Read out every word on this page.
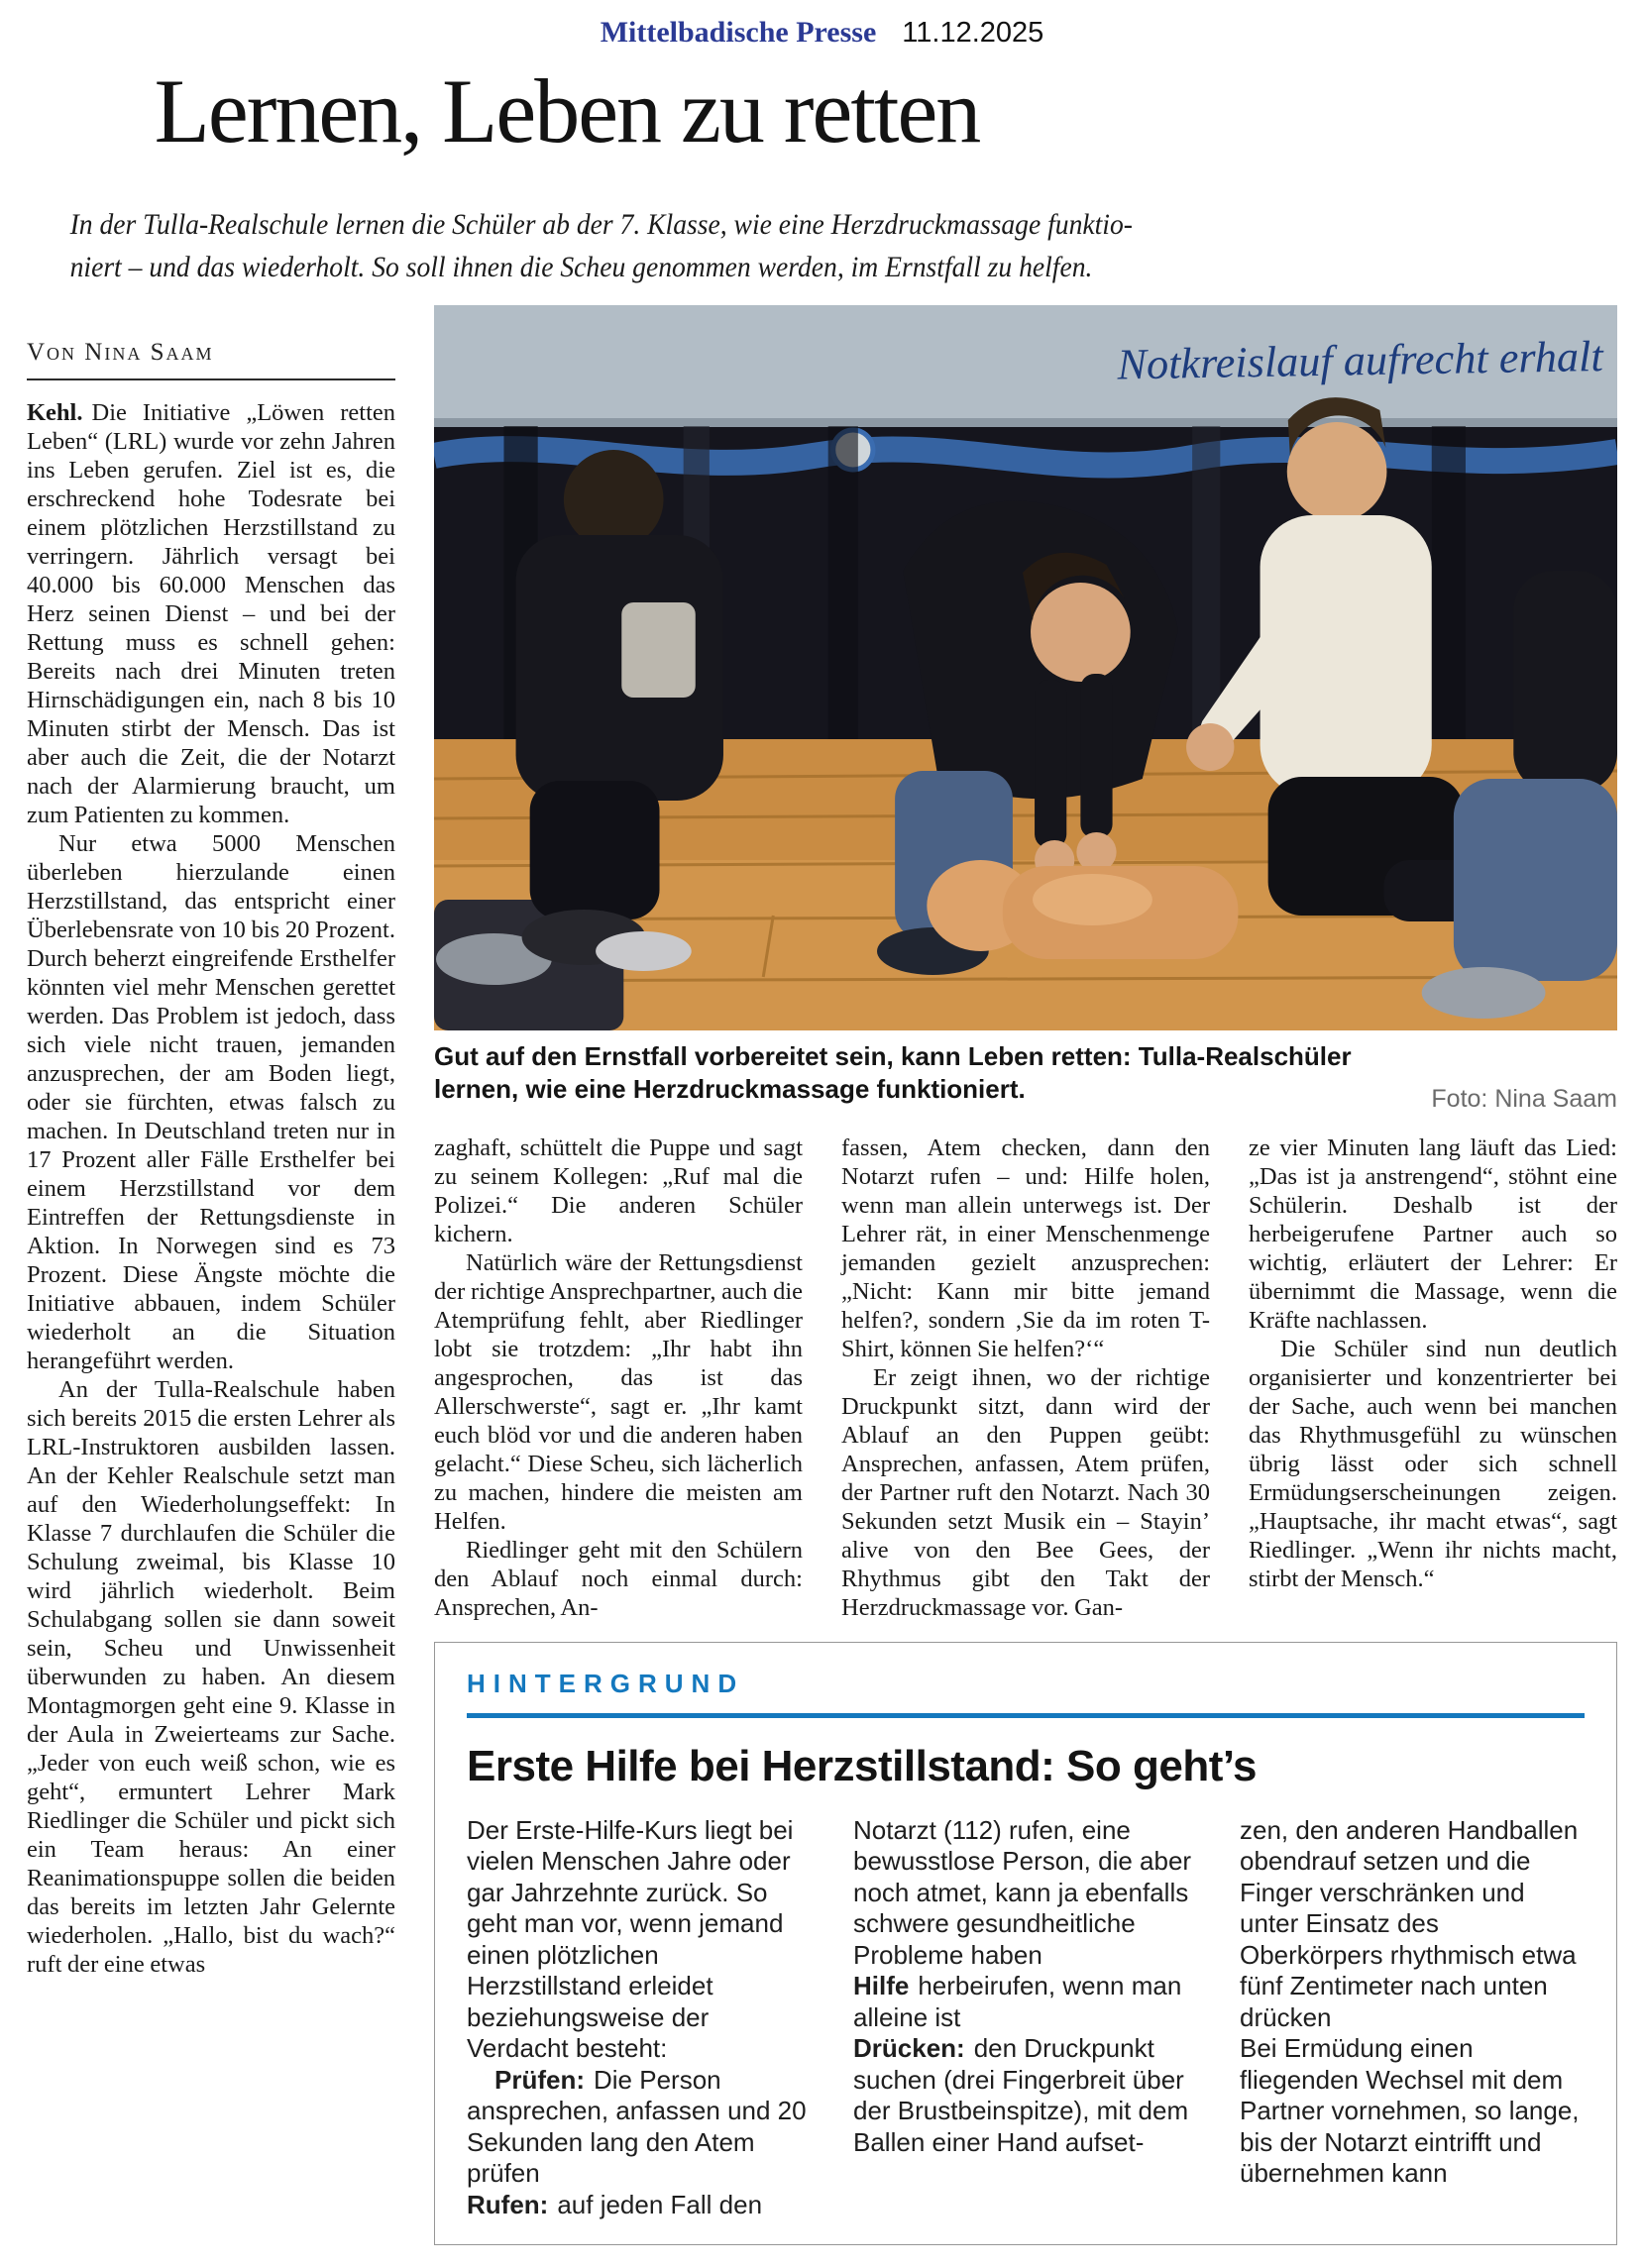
Mittelbadische Presse 11.12.2025
Lernen, Leben zu retten
In der Tulla-Realschule lernen die Schüler ab der 7. Klasse, wie eine Herzdruckmassage funktio-
niert – und das wiederholt. So soll ihnen die Scheu genommen werden, im Ernstfall zu helfen.
Von Nina Saam

Kehl. Die Initiative „Löwen retten Leben“ (LRL) wurde vor zehn Jahren ins Leben gerufen. Ziel ist es, die erschreckend hohe Todesrate bei einem plötzlichen Herzstillstand zu verringern. Jährlich versagt bei 40.000 bis 60.000 Menschen das Herz seinen Dienst – und bei der Rettung muss es schnell gehen: Bereits nach drei Minuten treten Hirnschädigungen ein, nach 8 bis 10 Minuten stirbt der Mensch. Das ist aber auch die Zeit, die der Notarzt nach der Alarmierung braucht, um zum Patienten zu kommen.

Nur etwa 5000 Menschen überleben hierzulande einen Herzstillstand, das entspricht einer Überlebensrate von 10 bis 20 Prozent. Durch beherzt eingreifende Ersthelfer könnten viel mehr Menschen gerettet werden. Das Problem ist jedoch, dass sich viele nicht trauen, jemanden anzusprechen, der am Boden liegt, oder sie fürchten, etwas falsch zu machen. In Deutschland treten nur in 17 Prozent aller Fälle Ersthelfer bei einem Herzstillstand vor dem Eintreffen der Rettungsdienste in Aktion. In Norwegen sind es 73 Prozent. Diese Ängste möchte die Initiative abbauen, indem Schüler wiederholt an die Situation herangeführt werden.

An der Tulla-Realschule haben sich bereits 2015 die ersten Lehrer als LRL-Instruktoren ausbilden lassen. An der Kehler Realschule setzt man auf den Wiederholungseffekt: In Klasse 7 durchlaufen die Schüler die Schulung zweimal, bis Klasse 10 wird jährlich wiederholt. Beim Schulabgang sollen sie dann soweit sein, Scheu und Unwissenheit überwunden zu haben. An diesem Montagmorgen geht eine 9. Klasse in der Aula in Zweierteams zur Sache. „Jeder von euch weiß schon, wie es geht“, ermuntert Lehrer Mark Riedlinger die Schüler und pickt sich ein Team heraus: An einer Reanimationspuppe sollen die beiden das bereits im letzten Jahr Gelernte wiederholen. „Hallo, bist du wach?“ ruft der eine etwas

Notkreislauf aufrecht erhalt

Gut auf den Ernstfall vorbereitet sein, kann Leben retten: Tulla-Realschüler lernen, wie eine Herzdruckmassage funktioniert.	Foto: Nina Saam

zaghaft, schüttelt die Puppe und sagt zu seinem Kollegen: „Ruf mal die Polizei.“ Die anderen Schüler kichern.

Natürlich wäre der Rettungsdienst der richtige Ansprechpartner, auch die Atemprüfung fehlt, aber Riedlinger lobt sie trotzdem: „Ihr habt ihn angesprochen, das ist das Allerschwerste“, sagt er. „Ihr kamt euch blöd vor und die anderen haben gelacht.“ Diese Scheu, sich lächerlich zu machen, hindere die meisten am Helfen.

Riedlinger geht mit den Schülern den Ablauf noch einmal durch: Ansprechen, An-

fassen, Atem checken, dann den Notarzt rufen – und: Hilfe holen, wenn man allein unterwegs ist. Der Lehrer rät, in einer Menschenmenge jemanden gezielt anzusprechen: „Nicht: Kann mir bitte jemand helfen?, sondern ‚Sie da im roten T-Shirt, können Sie helfen?‘“

Er zeigt ihnen, wo der richtige Druckpunkt sitzt, dann wird der Ablauf an den Puppen geübt: Ansprechen, anfassen, Atem prüfen, der Partner ruft den Notarzt. Nach 30 Sekunden setzt Musik ein – Stayin’ alive von den Bee Gees, der Rhythmus gibt den Takt der Herzdruckmassage vor. Gan-

ze vier Minuten lang läuft das Lied: „Das ist ja anstrengend“, stöhnt eine Schülerin. Deshalb ist der herbeigerufene Partner auch so wichtig, erläutert der Lehrer: Er übernimmt die Massage, wenn die Kräfte nachlassen.

Die Schüler sind nun deutlich organisierter und konzentrierter bei der Sache, auch wenn bei manchen das Rhythmusgefühl zu wünschen übrig lässt oder sich schnell Ermüdungserscheinungen zeigen. „Hauptsache, ihr macht etwas“, sagt Riedlinger. „Wenn ihr nichts macht, stirbt der Mensch.“

HINTERGRUND
Erste Hilfe bei Herzstillstand: So geht’s

Der Erste-Hilfe-Kurs liegt bei vielen Menschen Jahre oder gar Jahrzehnte zurück. So geht man vor, wenn jemand einen plötzlichen Herzstillstand erleidet beziehungsweise der Verdacht besteht:

Prüfen: Die Person ansprechen, anfassen und 20 Sekunden lang den Atem prüfen

Rufen: auf jeden Fall den

Notarzt (112) rufen, eine bewusstlose Person, die aber noch atmet, kann ja ebenfalls schwere gesundheitliche Probleme haben

Hilfe herbeirufen, wenn man alleine ist

Drücken: den Druckpunkt suchen (drei Fingerbreit über der Brustbeinspitze), mit dem Ballen einer Hand aufset-

zen, den anderen Handballen obendrauf setzen und die Finger verschränken und unter Einsatz des Oberkörpers rhythmisch etwa fünf Zentimeter nach unten drücken

Bei Ermüdung einen fliegenden Wechsel mit dem Partner vornehmen, so lange, bis der Notarzt eintrifft und übernehmen kann
